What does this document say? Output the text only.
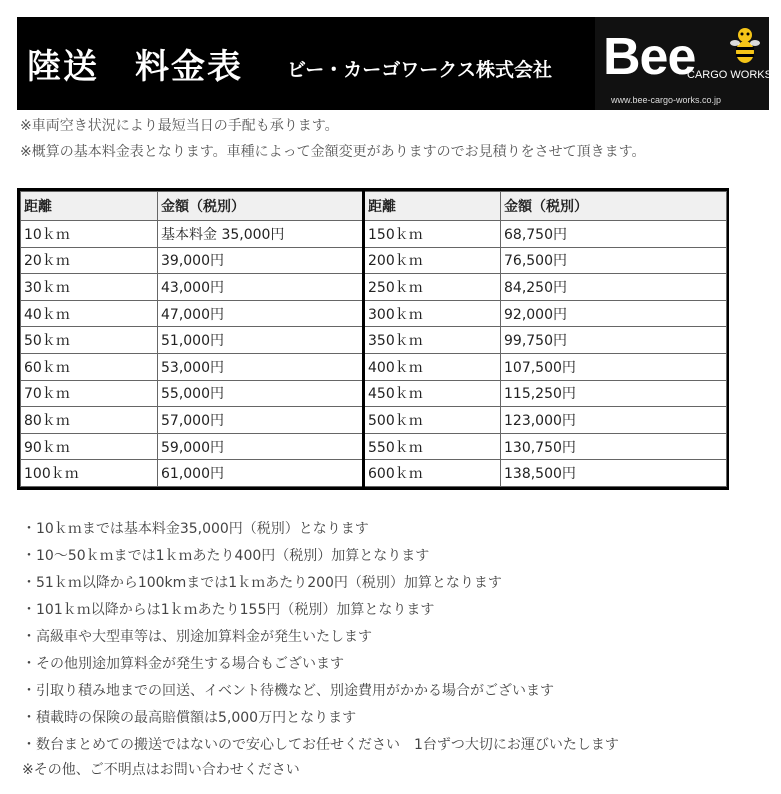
陸送　料金表 ビー・カーゴワークス株式会社 Bee
CARGO WORKS
www.bee-cargo-works.co.jp
※車両空き状況により最短当日の手配も承ります。
※概算の基本料金表となります。車種によって金額変更がありますのでお見積りをさせて頂きます。
距離	金額（税別）	距離	金額（税別）
10ｋｍ	基本料金 35,000円	150ｋｍ	68,750円
20ｋｍ	39,000円	200ｋｍ	76,500円
30ｋｍ	43,000円	250ｋｍ	84,250円
40ｋｍ	47,000円	300ｋｍ	92,000円
50ｋｍ	51,000円	350ｋｍ	99,750円
60ｋｍ	53,000円	400ｋｍ	107,500円
70ｋｍ	55,000円	450ｋｍ	115,250円
80ｋｍ	57,000円	500ｋｍ	123,000円
90ｋｍ	59,000円	550ｋｍ	130,750円
100ｋｍ	61,000円	600ｋｍ	138,500円
・10ｋｍまでは基本料金35,000円（税別）となります
・10～50ｋｍまでは1ｋｍあたり400円（税別）加算となります
・51ｋｍ以降から100kmまでは1ｋｍあたり200円（税別）加算となります
・101ｋｍ以降からは1ｋｍあたり155円（税別）加算となります
・高級車や大型車等は、別途加算料金が発生いたします
・その他別途加算料金が発生する場合もございます
・引取り積み地までの回送、イベント待機など、別途費用がかかる場合がございます
・積載時の保険の最高賠償額は5,000万円となります
・数台まとめての搬送ではないので安心してお任せください　1台ずつ大切にお運びいたします
※その他、ご不明点はお問い合わせください
